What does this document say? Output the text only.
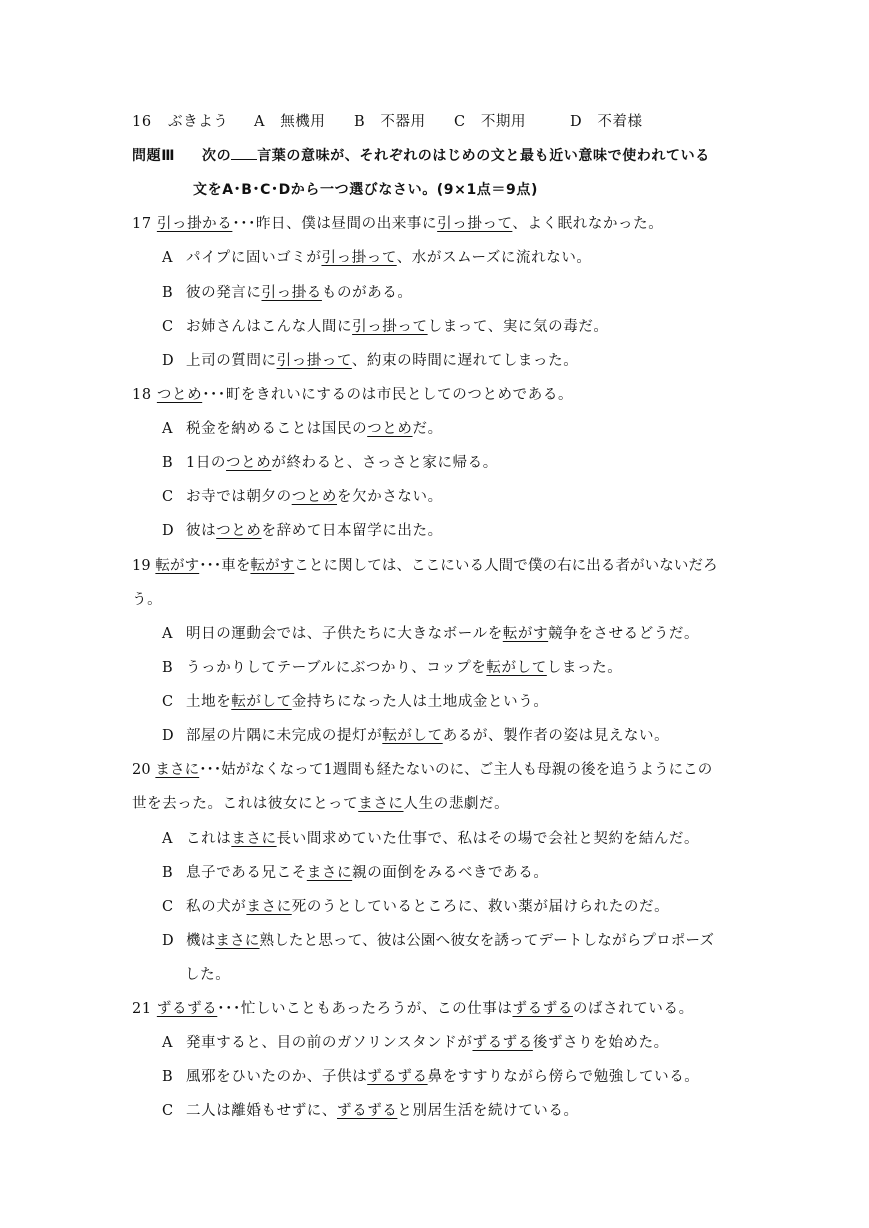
16 ぶきよう A　 無機用 B　 不器用 C　 不期用	D　 不着様
問題Ⅲ 次の 言葉の意味が、それぞれのはじめの文と最も近い意味で使われている
文をA･B･C･Dから一つ選びなさい。(9×1点＝9点)
17 引っ掛かる･･･昨日、僕は昼間の出来事に引っ掛って、よく眠れなかった。
A パイプに固いゴミが引っ掛って、水がスムーズに流れない。
B 彼の発言に引っ掛るものがある。
C お姉さんはこんな人間に引っ掛ってしまって、実に気の毒だ。
D 上司の質問に引っ掛って、約束の時間に遅れてしまった。
18 つとめ･･･町をきれいにするのは市民としてのつとめである。
A 税金を納めることは国民のつとめだ。
B 1日のつとめが終わると、さっさと家に帰る。
C お寺では朝夕のつとめを欠かさない。
D 彼はつとめを辞めて日本留学に出た。
19 転がす･･･車を転がすことに関しては、ここにいる人間で僕の右に出る者がいないだろ
う。
A 明日の運動会では、子供たちに大きなボールを転がす競争をさせるどうだ。
B うっかりしてテーブルにぶつかり、コップを転がしてしまった。
C 土地を転がして金持ちになった人は土地成金という。
D 部屋の片隅に未完成の提灯が転がしてあるが、製作者の姿は見えない。
20 まさに･･･姑がなくなって1週間も経たないのに、ご主人も母親の後を追うようにこの
世を去った。これは彼女にとってまさに人生の悲劇だ。
A これはまさに長い間求めていた仕事で、私はその場で会社と契約を結んだ。
B 息子である兄こそまさに親の面倒をみるべきである。
C 私の犬がまさに死のうとしているところに、救い薬が届けられたのだ。
D 機はまさに熟したと思って、彼は公園へ彼女を誘ってデートしながらプロポーズ
した。
21 ずるずる･･･忙しいこともあったろうが、この仕事はずるずるのばされている。
A 発車すると、目の前のガソリンスタンドがずるずる後ずさりを始めた。
B 風邪をひいたのか、子供はずるずる鼻をすすりながら傍らで勉強している。
C 二人は離婚もせずに、ずるずると別居生活を続けている。
